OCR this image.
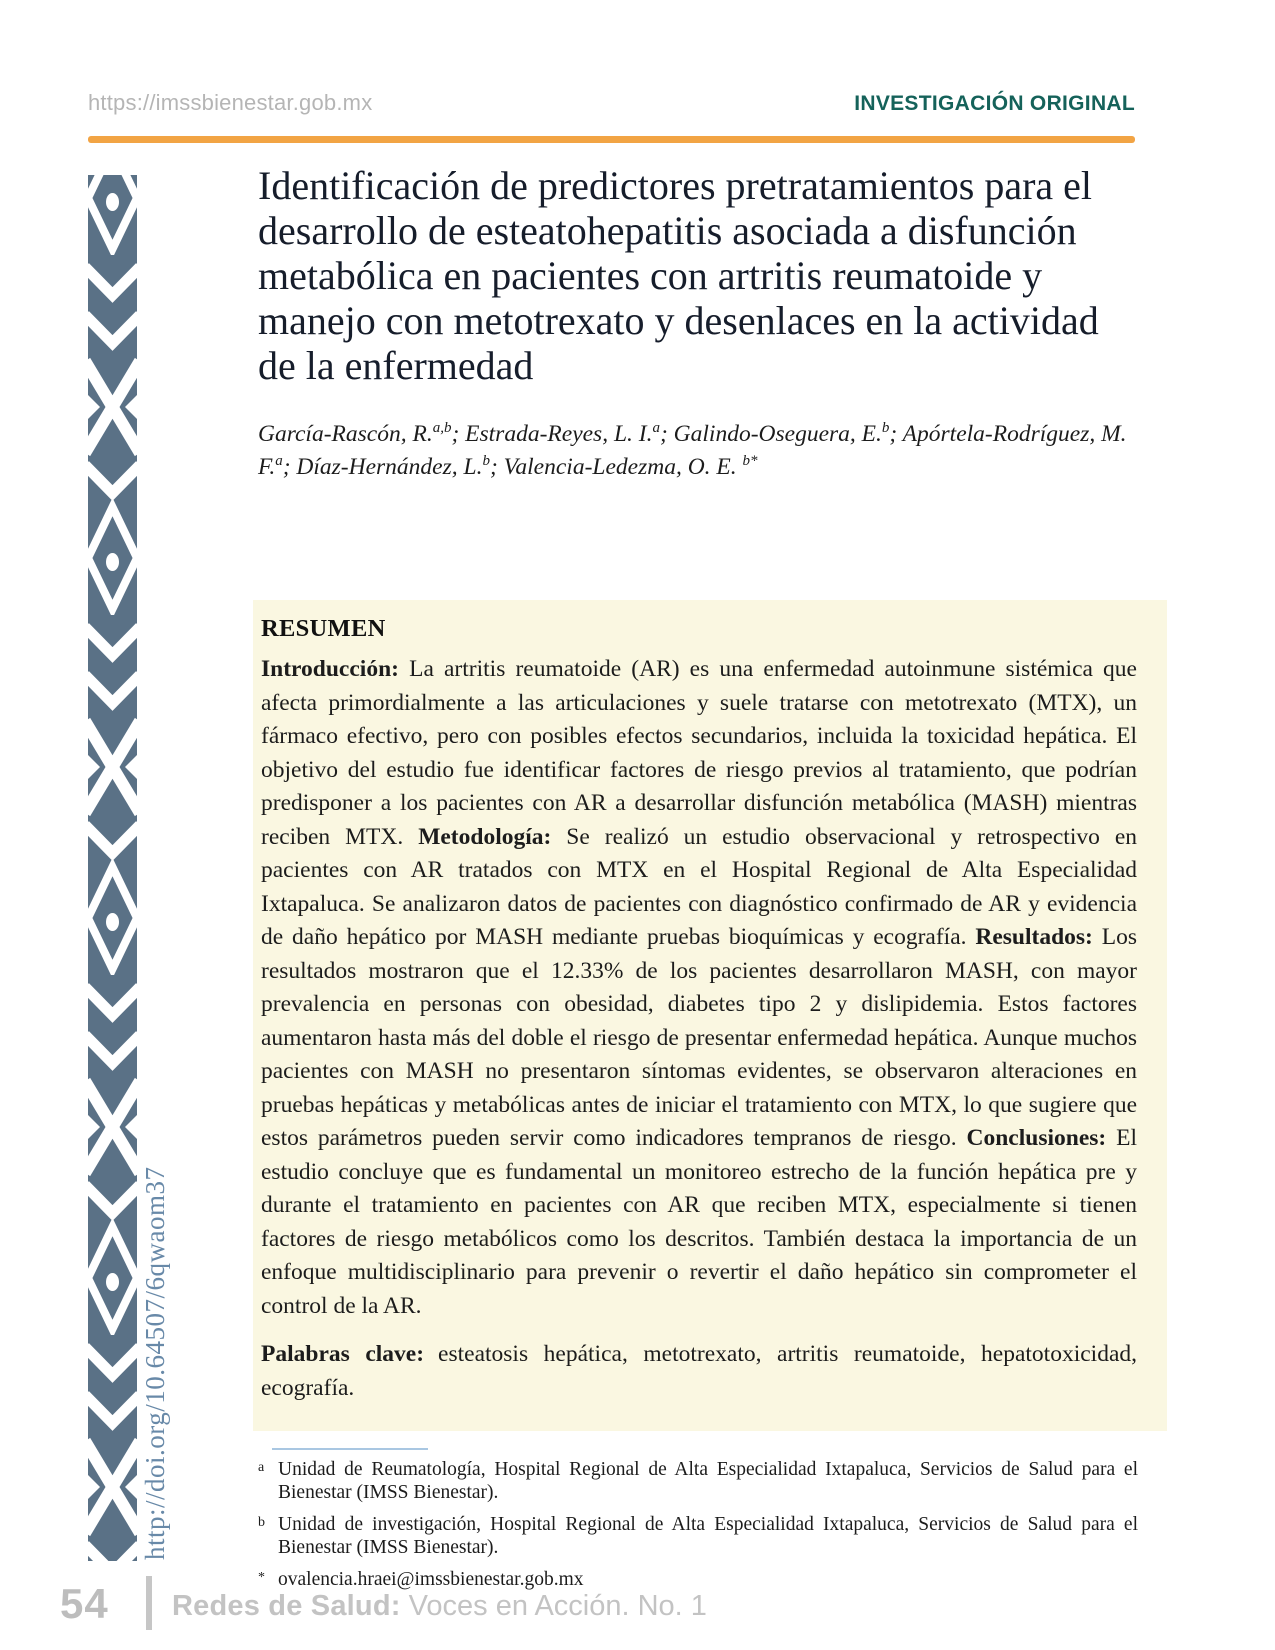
https://imssbienestar.gob.mx	INVESTIGACIÓN ORIGINAL
http://doi.org/10.64507/6qwaom37
Identificación de predictores pretratamientos para el desarrollo de esteatohepatitis asociada a disfunción metabólica en pacientes con artritis reumatoide y manejo con metotrexato y desenlaces en la actividad de la enfermedad
García-Rascón, R.$^{a,b}$; Estrada-Reyes, L. I.$^a$; Galindo-Oseguera, E.$^b$; Apórtela-Rodríguez, M. F.$^a$; Díaz-Hernández, L.$^b$; Valencia-Ledezma, O. E. $^{b*}$
RESUMEN

Introducción: La artritis reumatoide (AR) es una enfermedad autoinmune sistémica que afecta primordialmente a las articulaciones y suele tratarse con metotrexato (MTX), un fármaco efectivo, pero con posibles efectos secundarios, incluida la toxicidad hepática. El objetivo del estudio fue identificar factores de riesgo previos al tratamiento, que podrían predisponer a los pacientes con AR a desarrollar disfunción metabólica (MASH) mientras reciben MTX. Metodología: Se realizó un estudio observacional y retrospectivo en pacientes con AR tratados con MTX en el Hospital Regional de Alta Especialidad Ixtapaluca. Se analizaron datos de pacientes con diagnóstico confirmado de AR y evidencia de daño hepático por MASH mediante pruebas bioquímicas y ecografía. Resultados: Los resultados mostraron que el 12.33% de los pacientes desarrollaron MASH, con mayor prevalencia en personas con obesidad, diabetes tipo 2 y dislipidemia. Estos factores aumentaron hasta más del doble el riesgo de presentar enfermedad hepática. Aunque muchos pacientes con MASH no presentaron síntomas evidentes, se observaron alteraciones en pruebas hepáticas y metabólicas antes de iniciar el tratamiento con MTX, lo que sugiere que estos parámetros pueden servir como indicadores tempranos de riesgo. Conclusiones: El estudio concluye que es fundamental un monitoreo estrecho de la función hepática pre y durante el tratamiento en pacientes con AR que reciben MTX, especialmente si tienen factores de riesgo metabólicos como los descritos. También destaca la importancia de un enfoque multidisciplinario para prevenir o revertir el daño hepático sin comprometer el control de la AR.

Palabras clave: esteatosis hepática, metotrexato, artritis reumatoide, hepatotoxicidad, ecografía.

a Unidad de Reumatología, Hospital Regional de Alta Especialidad Ixtapaluca, Servicios de Salud para el Bienestar (IMSS Bienestar).
b Unidad de investigación, Hospital Regional de Alta Especialidad Ixtapaluca, Servicios de Salud para el Bienestar (IMSS Bienestar).
* ovalencia.hraei@imssbienestar.gob.mx
54 Redes de Salud: Voces en Acción. No. 1
